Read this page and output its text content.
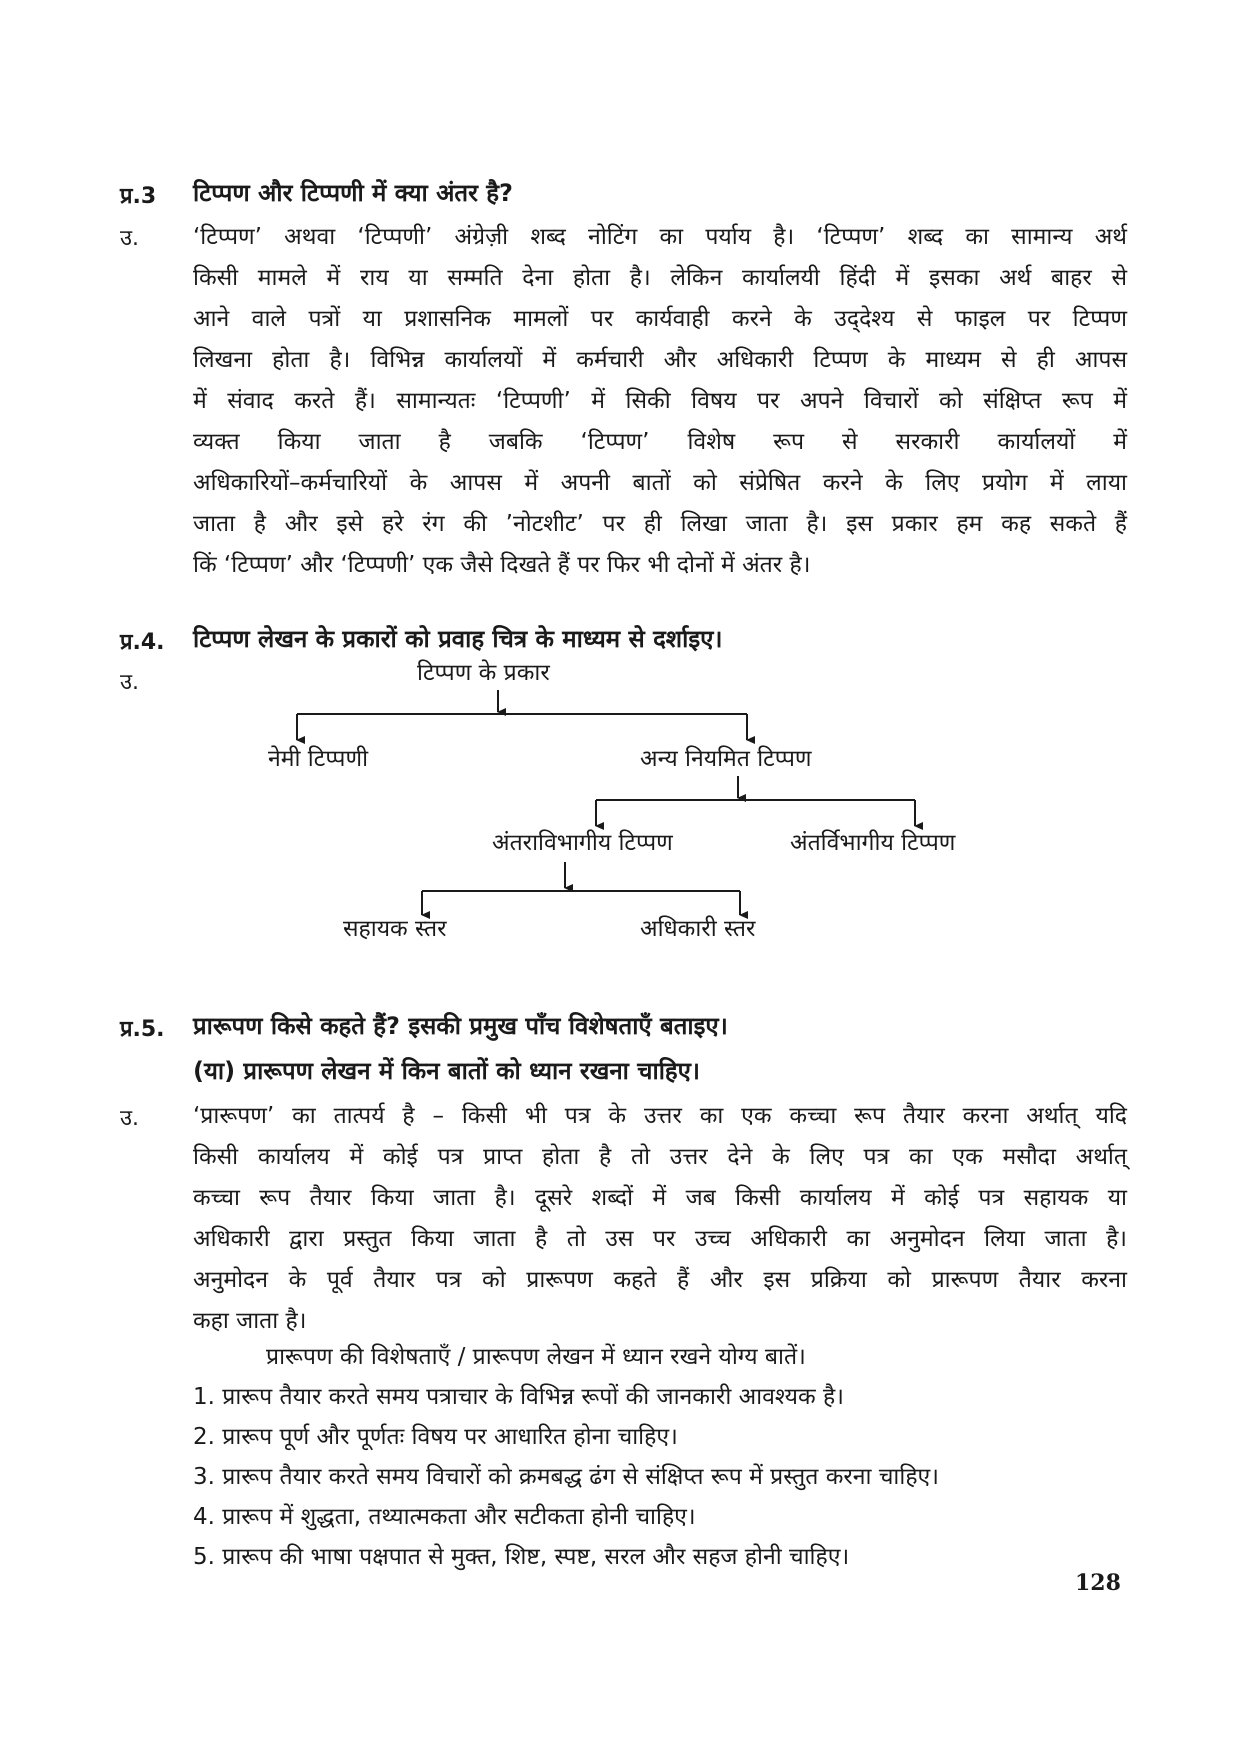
प्र.3 टिप्पण और टिप्पणी में क्या अंतर है?
उ. ‘टिप्पण’ अथवा ‘टिप्पणी’ अंग्रेज़ी शब्द नोटिंग का पर्याय है। ‘टिप्पण’ शब्द का सामान्य अर्थ
किसी मामले में राय या सम्मति देना होता है। लेकिन कार्यालयी हिंदी में इसका अर्थ बाहर से
आने वाले पत्रों या प्रशासनिक मामलों पर कार्यवाही करने के उद्‍देश्य से फाइल पर टिप्पण
लिखना होता है। विभिन्न कार्यालयों में कर्मचारी और अधिकारी टिप्पण के माध्यम से ही आपस
में संवाद करते हैं। सामान्यतः ‘टिप्पणी’ में सिकी विषय पर अपने विचारों को संक्षिप्त रूप में
व्यक्त किया जाता है जबकि ‘टिप्पण’ विशेष रूप से सरकारी कार्यालयों में
अधिकारियों–कर्मचारियों के आपस में अपनी बातों को संप्रेषित करने के लिए प्रयोग में लाया
जाता है और इसे हरे रंग की ’नोटशीट’ पर ही लिखा जाता है। इस प्रकार हम कह सकते हैं
किं ‘टिप्पण’ और ‘टिप्पणी’ एक जैसे दिखते हैं पर फिर भी दोनों में अंतर है।
प्र.4. टिप्पण लेखन के प्रकारों को प्रवाह चित्र के माध्यम से दर्शाइए।
उ.	टिप्पण के प्रकार
नेमी टिप्पणी	अन्य नियमित टिप्पण
अंतराविभागीय टिप्पण	अंतर्विभागीय टिप्पण
सहायक स्तर	अधिकारी स्तर
प्र.5. प्रारूपण किसे कहते हैं? इसकी प्रमुख पाँच विशेषताएँ बताइए।
(या) प्रारूपण लेखन में किन बातों को ध्यान रखना चाहिए।
उ. ‘प्रारूपण’ का तात्पर्य है – किसी भी पत्र के उत्तर का एक कच्चा रूप तैयार करना अर्थात् यदि
किसी कार्यालय में कोई पत्र प्राप्त होता है तो उत्तर देने के लिए पत्र का एक मसौदा अर्थात्
कच्चा रूप तैयार किया जाता है। दूसरे शब्दों में जब किसी कार्यालय में कोई पत्र सहायक या
अधिकारी द्वारा प्रस्तुत किया जाता है तो उस पर उच्च अधिकारी का अनुमोदन लिया जाता है।
अनुमोदन के पूर्व तैयार पत्र को प्रारूपण कहते हैं और इस प्रक्रिया को प्रारूपण तैयार करना
कहा जाता है।
प्रारूपण की विशेषताएँ / प्रारूपण लेखन में ध्यान रखने योग्य बातें।
1. प्रारूप तैयार करते समय पत्राचार के विभिन्न रूपों की जानकारी आवश्यक है।
2. प्रारूप पूर्ण और पूर्णतः विषय पर आधारित होना चाहिए।
3. प्रारूप तैयार करते समय विचारों को क्रमबद्ध ढंग से संक्षिप्त रूप में प्रस्तुत करना चाहिए।
4. प्रारूप में शुद्धता, तथ्यात्मकता और सटीकता होनी चाहिए।
5. प्रारूप की भाषा पक्षपात से मुक्त, शिष्ट, स्पष्ट, सरल और सहज होनी चाहिए।
128
